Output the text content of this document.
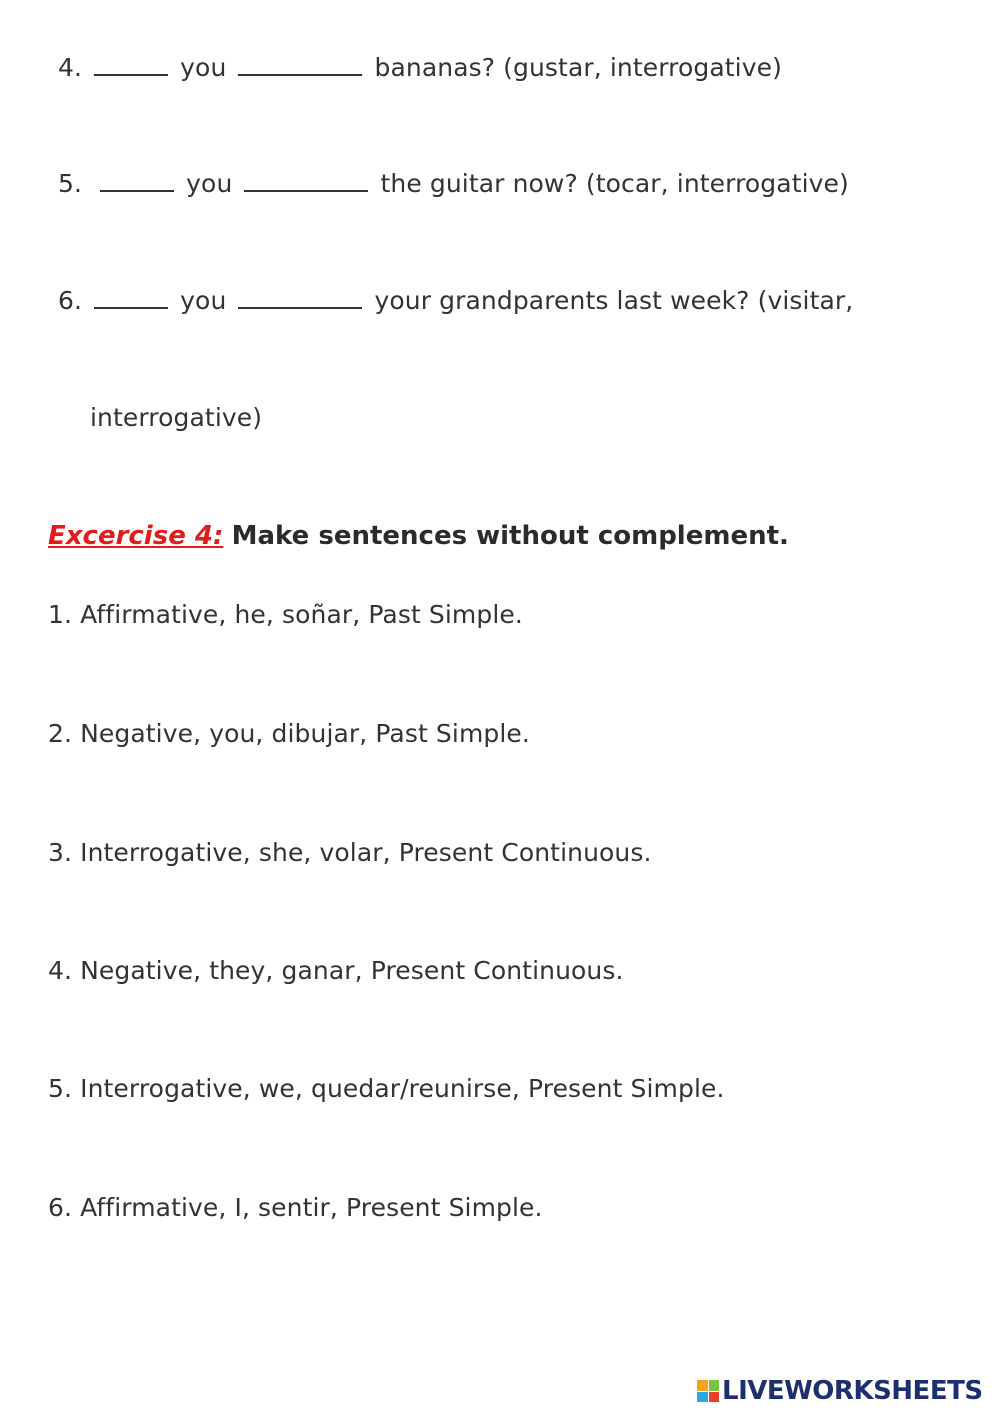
4.	you	bananas? (gustar, interrogative)
5.	you	the guitar now? (tocar, interrogative)
6.	you	your grandparents last week? (visitar,
interrogative)
Excercise 4: Make sentences without complement.
1. Affirmative, he, soñar, Past Simple.
2. Negative, you, dibujar, Past Simple.
3. Interrogative, she, volar, Present Continuous.
4. Negative, they, ganar, Present Continuous.
5. Interrogative, we, quedar/reunirse, Present Simple.
6. Affirmative, I, sentir, Present Simple.
LIVEWORKSHEETS
